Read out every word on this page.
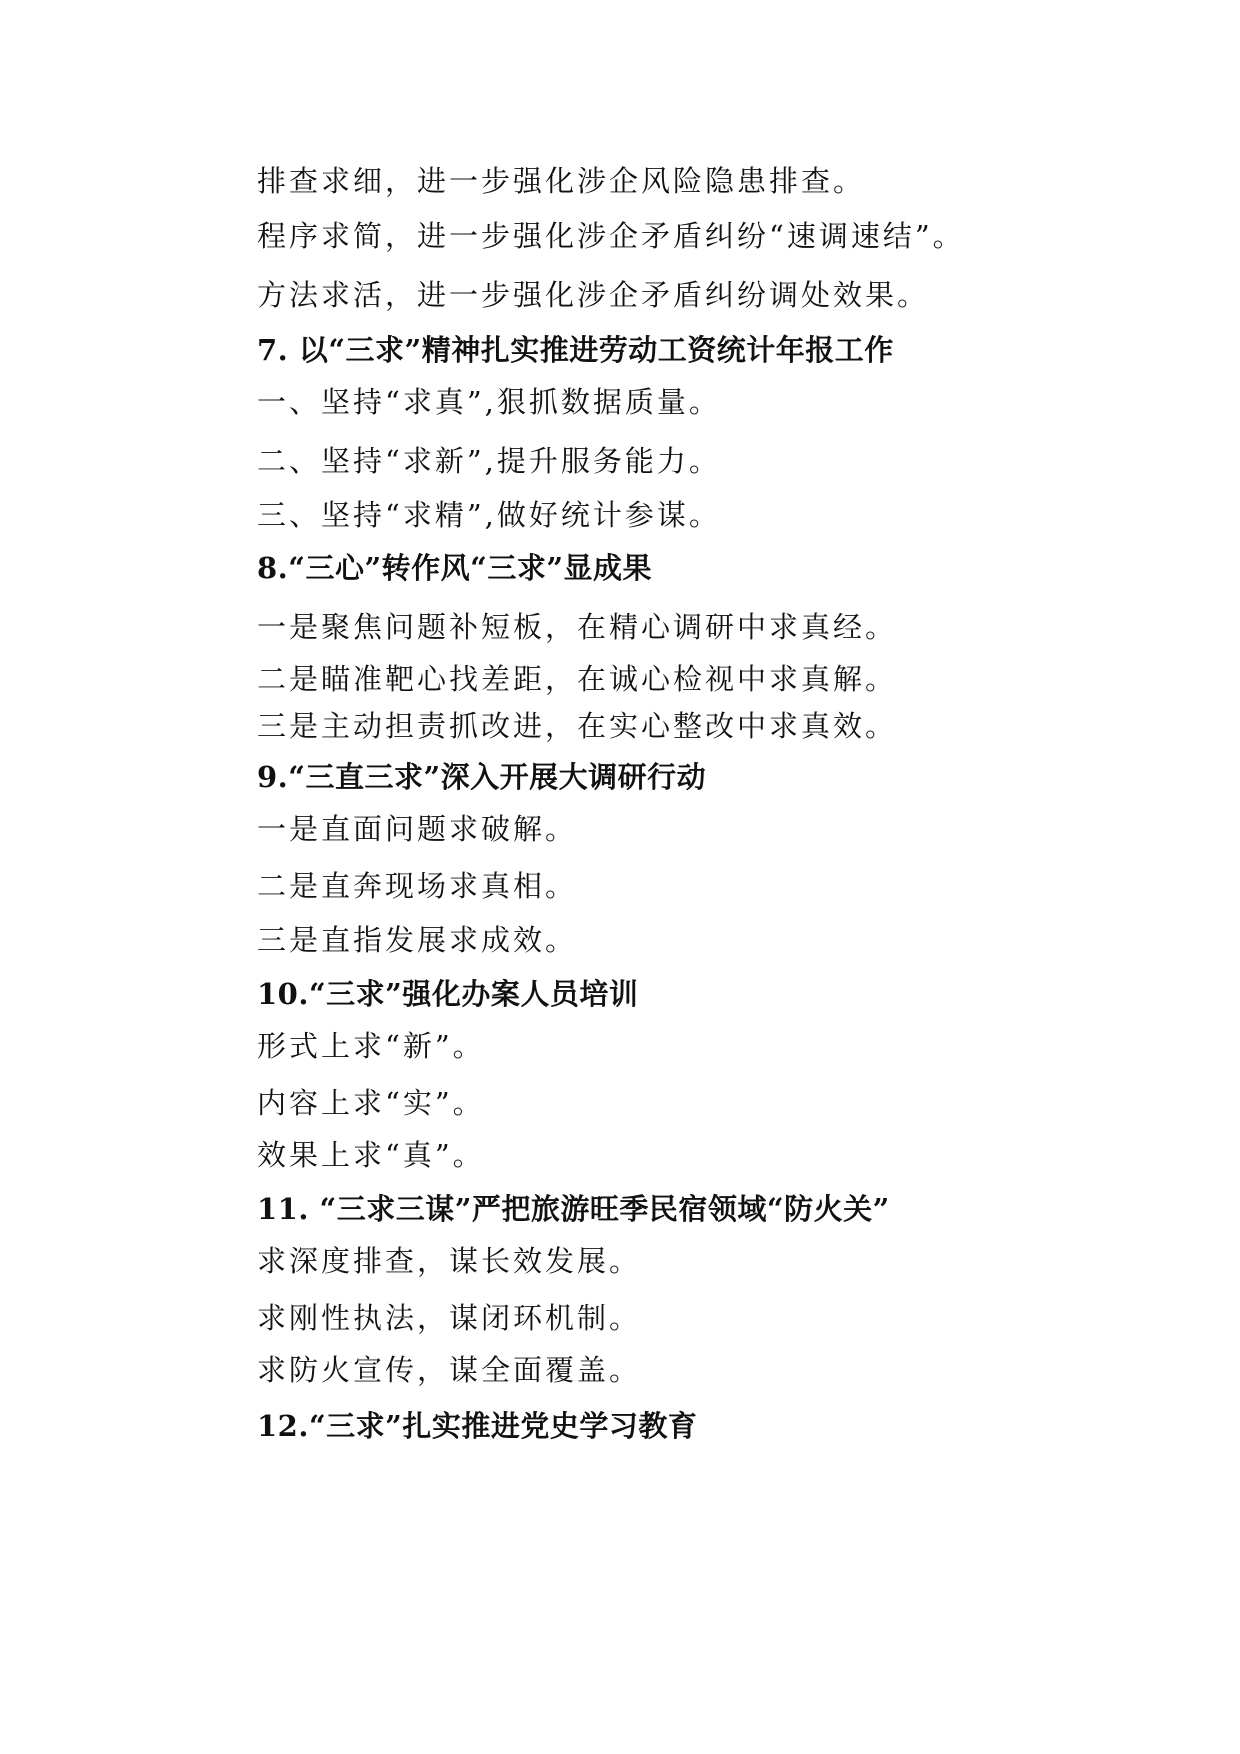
排查求细，进一步强化涉企风险隐患排查。
程序求简，进一步强化涉企矛盾纠纷“速调速结”。
方法求活，进一步强化涉企矛盾纠纷调处效果。
7. 以“三求”精神扎实推进劳动工资统计年报工作
一、坚持“求真”,狠抓数据质量。
二、坚持“求新”,提升服务能力。
三、坚持“求精”,做好统计参谋。
8.“三心”转作风“三求”显成果
一是聚焦问题补短板，在精心调研中求真经。
二是瞄准靶心找差距，在诚心检视中求真解。
三是主动担责抓改进，在实心整改中求真效。
9.“三直三求”深入开展大调研行动
一是直面问题求破解。
二是直奔现场求真相。
三是直指发展求成效。
10.“三求”强化办案人员培训
形式上求“新”。
内容上求“实”。
效果上求“真”。
11. “三求三谋”严把旅游旺季民宿领域“防火关”
求深度排查，谋长效发展。
求刚性执法，谋闭环机制。
求防火宣传，谋全面覆盖。
12.“三求”扎实推进党史学习教育
